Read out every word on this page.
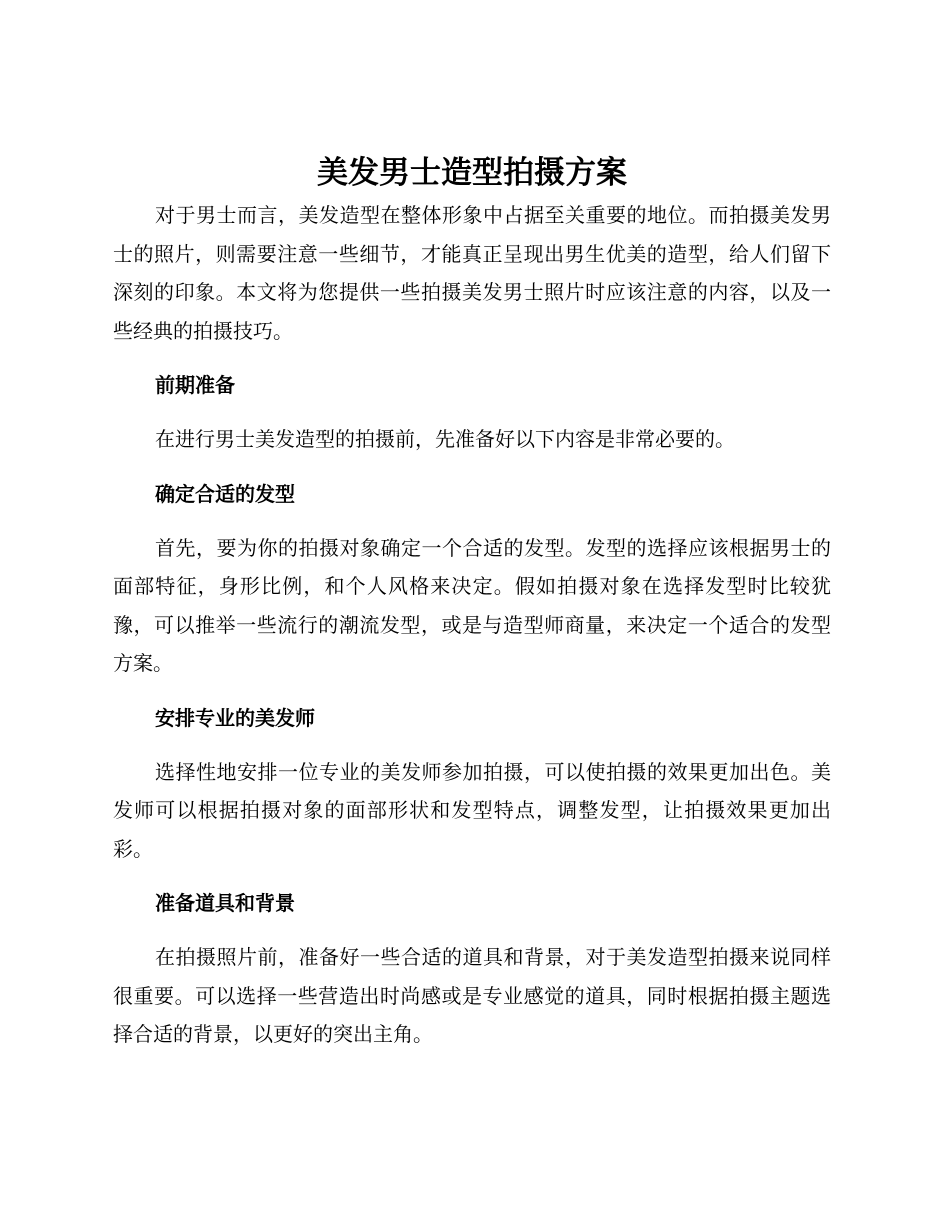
美发男士造型拍摄方案

对于男士而言，美发造型在整体形象中占据至关重要的地位。而拍摄美发男士的照片，则需要注意一些细节，才能真正呈现出男生优美的造型，给人们留下深刻的印象。本文将为您提供一些拍摄美发男士照片时应该注意的内容，以及一些经典的拍摄技巧。

前期准备

在进行男士美发造型的拍摄前，先准备好以下内容是非常必要的。

确定合适的发型

首先，要为你的拍摄对象确定一个合适的发型。发型的选择应该根据男士的面部特征，身形比例，和个人风格来决定。假如拍摄对象在选择发型时比较犹豫，可以推举一些流行的潮流发型，或是与造型师商量，来决定一个适合的发型方案。

安排专业的美发师

选择性地安排一位专业的美发师参加拍摄，可以使拍摄的效果更加出色。美发师可以根据拍摄对象的面部形状和发型特点，调整发型，让拍摄效果更加出彩。

准备道具和背景

在拍摄照片前，准备好一些合适的道具和背景，对于美发造型拍摄来说同样很重要。可以选择一些营造出时尚感或是专业感觉的道具，同时根据拍摄主题选择合适的背景，以更好的突出主角。
